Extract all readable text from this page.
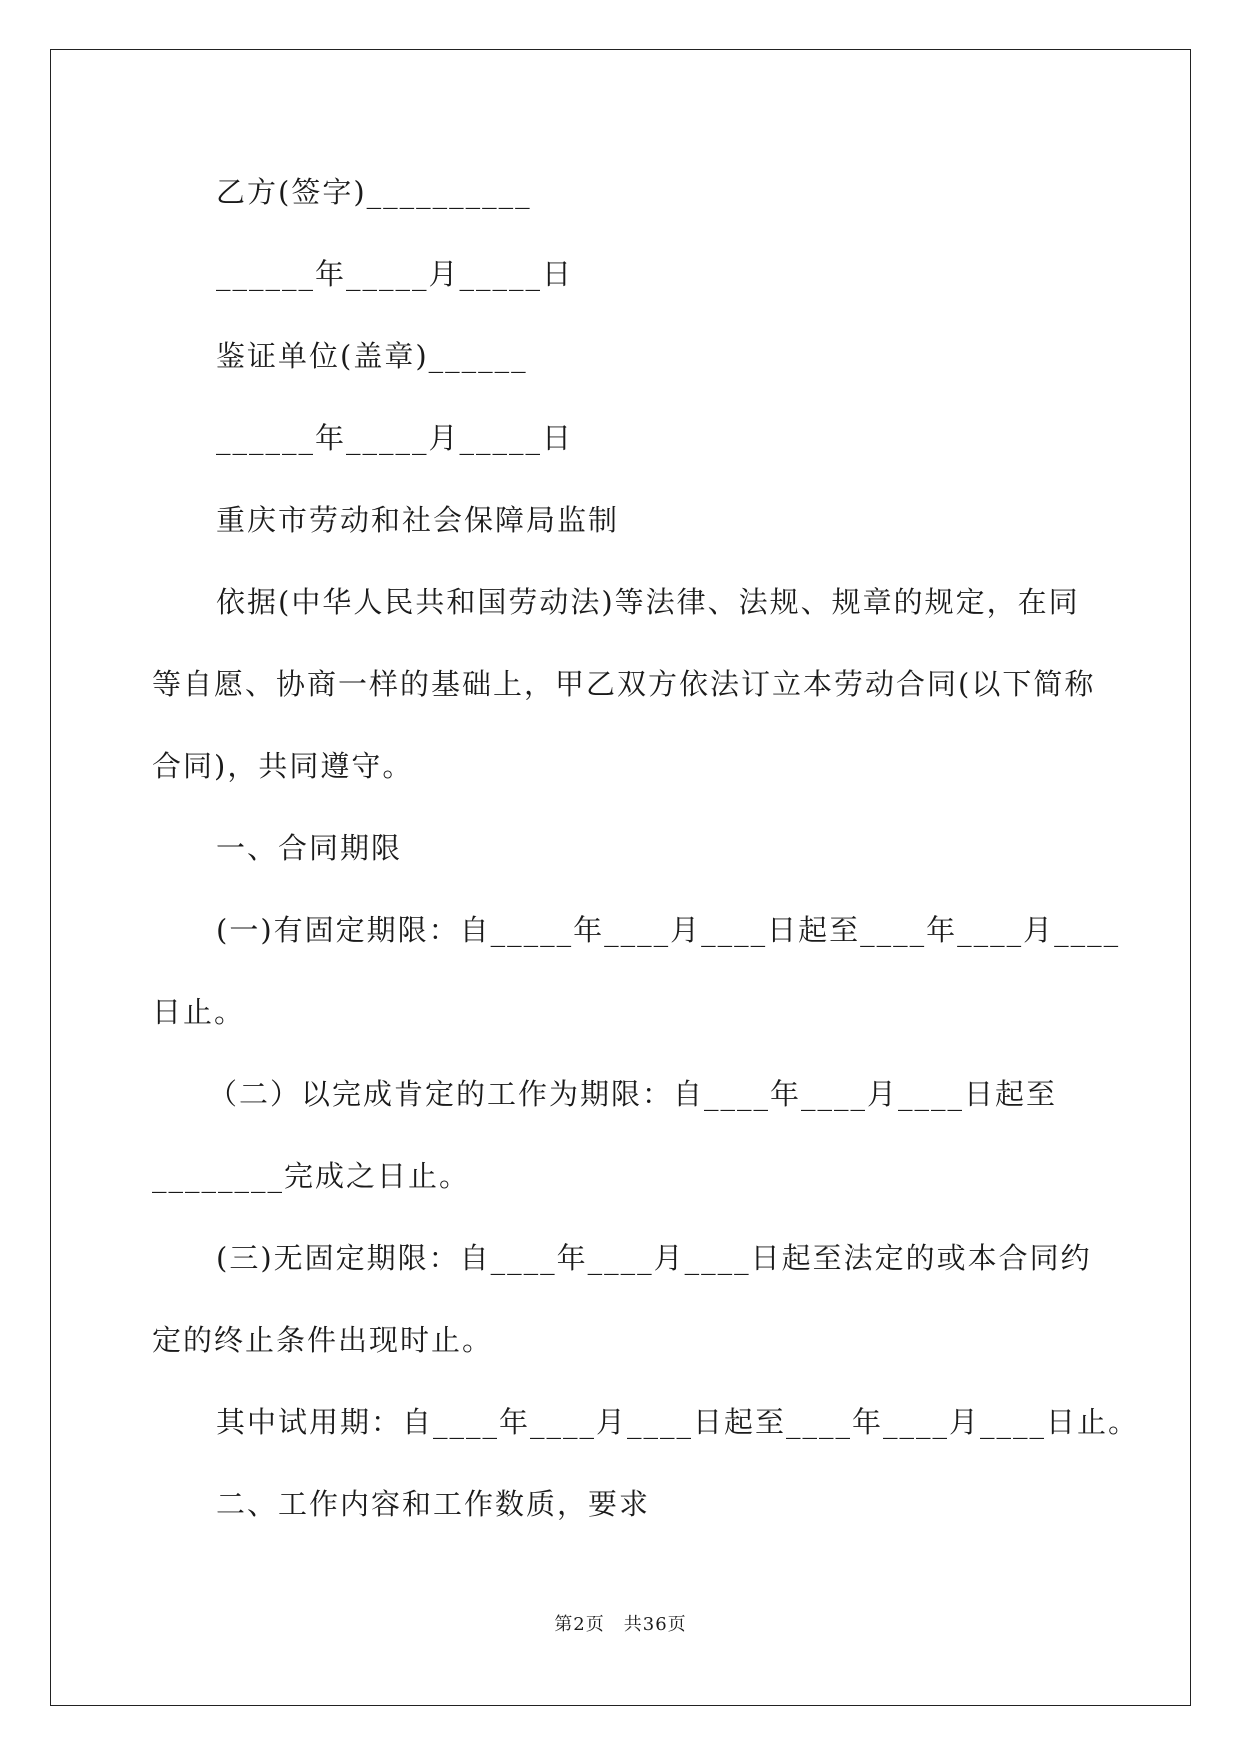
乙方(签字)__________
______年_____月_____日
鉴证单位(盖章)______
______年_____月_____日
重庆市劳动和社会保障局监制
依据(中华人民共和国劳动法)等法律、法规、规章的规定，在同
等自愿、协商一样的基础上，甲乙双方依法订立本劳动合同(以下简称
合同)，共同遵守。
一、合同期限
(一)有固定期限：自_____年____月____日起至____年____月____
日止。
（二）以完成肯定的工作为期限：自____年____月____日起至
________完成之日止。
(三)无固定期限：自____年____月____日起至法定的或本合同约
定的终止条件出现时止。
其中试用期：自____年____月____日起至____年____月____日止。
二、工作内容和工作数质，要求
第2页　共36页
